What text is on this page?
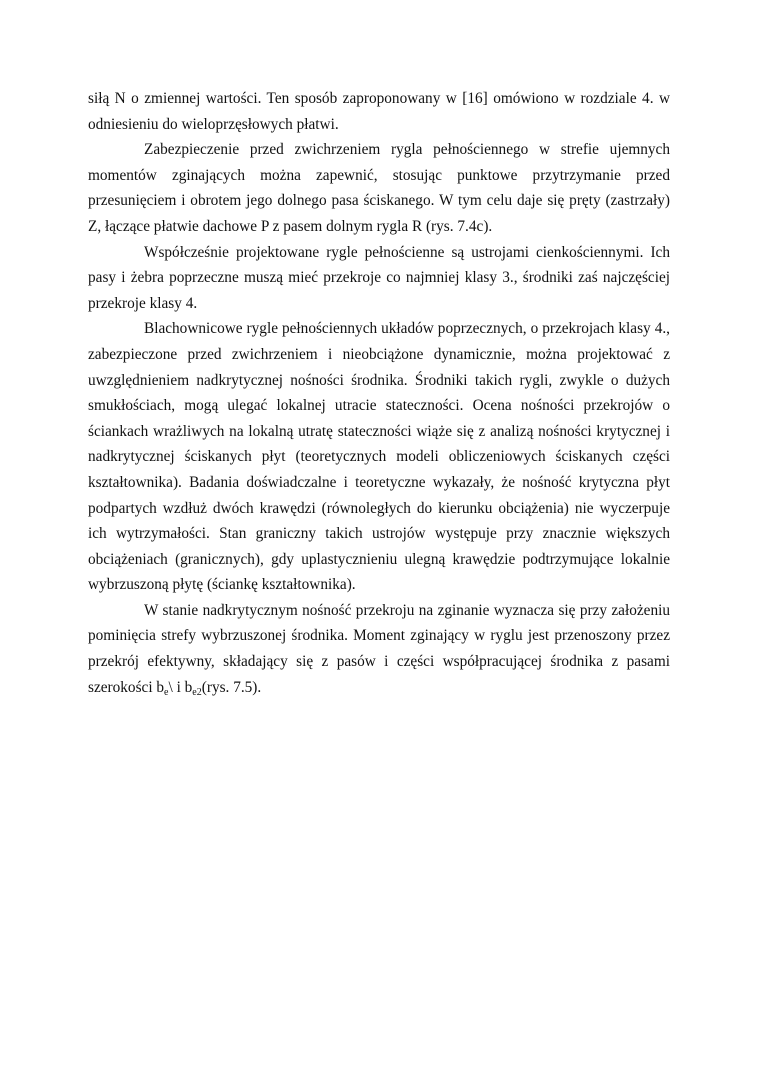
siłą N o zmiennej wartości. Ten sposób zaproponowany w [16] omówiono w rozdziale 4. w odniesieniu do wieloprzęsłowych płatwi.

Zabezpieczenie przed zwichrzeniem rygla pełnościennego w strefie ujemnych momentów zginających można zapewnić, stosując punktowe przytrzymanie przed przesunięciem i obrotem jego dolnego pasa ściskanego. W tym celu daje się pręty (zastrzały) Z, łączące płatwie dachowe P z pasem dolnym rygla R (rys. 7.4c).

Współcześnie projektowane rygle pełnościenne są ustrojami cienkościennymi. Ich pasy i żebra poprzeczne muszą mieć przekroje co najmniej klasy 3., środniki zaś najczęściej przekroje klasy 4.

Blachownicowe rygle pełnościennych układów poprzecznych, o przekrojach klasy 4., zabezpieczone przed zwichrzeniem i nieobciążone dynamicznie, można projektować z uwzględnieniem nadkrytycznej nośności środnika. Środniki takich rygli, zwykle o dużych smukłościach, mogą ulegać lokalnej utracie stateczności. Ocena nośności przekrojów o ściankach wrażliwych na lokalną utratę stateczności wiąże się z analizą nośności krytycznej i nadkrytycznej ściskanych płyt (teoretycznych modeli obliczeniowych ściskanych części kształtownika). Badania doświadczalne i teoretyczne wykazały, że nośność krytyczna płyt podpartych wzdłuż dwóch krawędzi (równoległych do kierunku obciążenia) nie wyczerpuje ich wytrzymałości. Stan graniczny takich ustrojów występuje przy znacznie większych obciążeniach (granicznych), gdy uplastycznieniu ulegną krawędzie podtrzymujące lokalnie wybrzuszoną płytę (ściankę kształtownika).

W stanie nadkrytycznym nośność przekroju na zginanie wyznacza się przy założeniu pominięcia strefy wybrzuszonej środnika. Moment zginający w ryglu jest przenoszony przez przekrój efektywny, składający się z pasów i części współpracującej środnika z pasami szerokości $b_e\backslash$ i $b_{e2}(rys$. 7.5).
